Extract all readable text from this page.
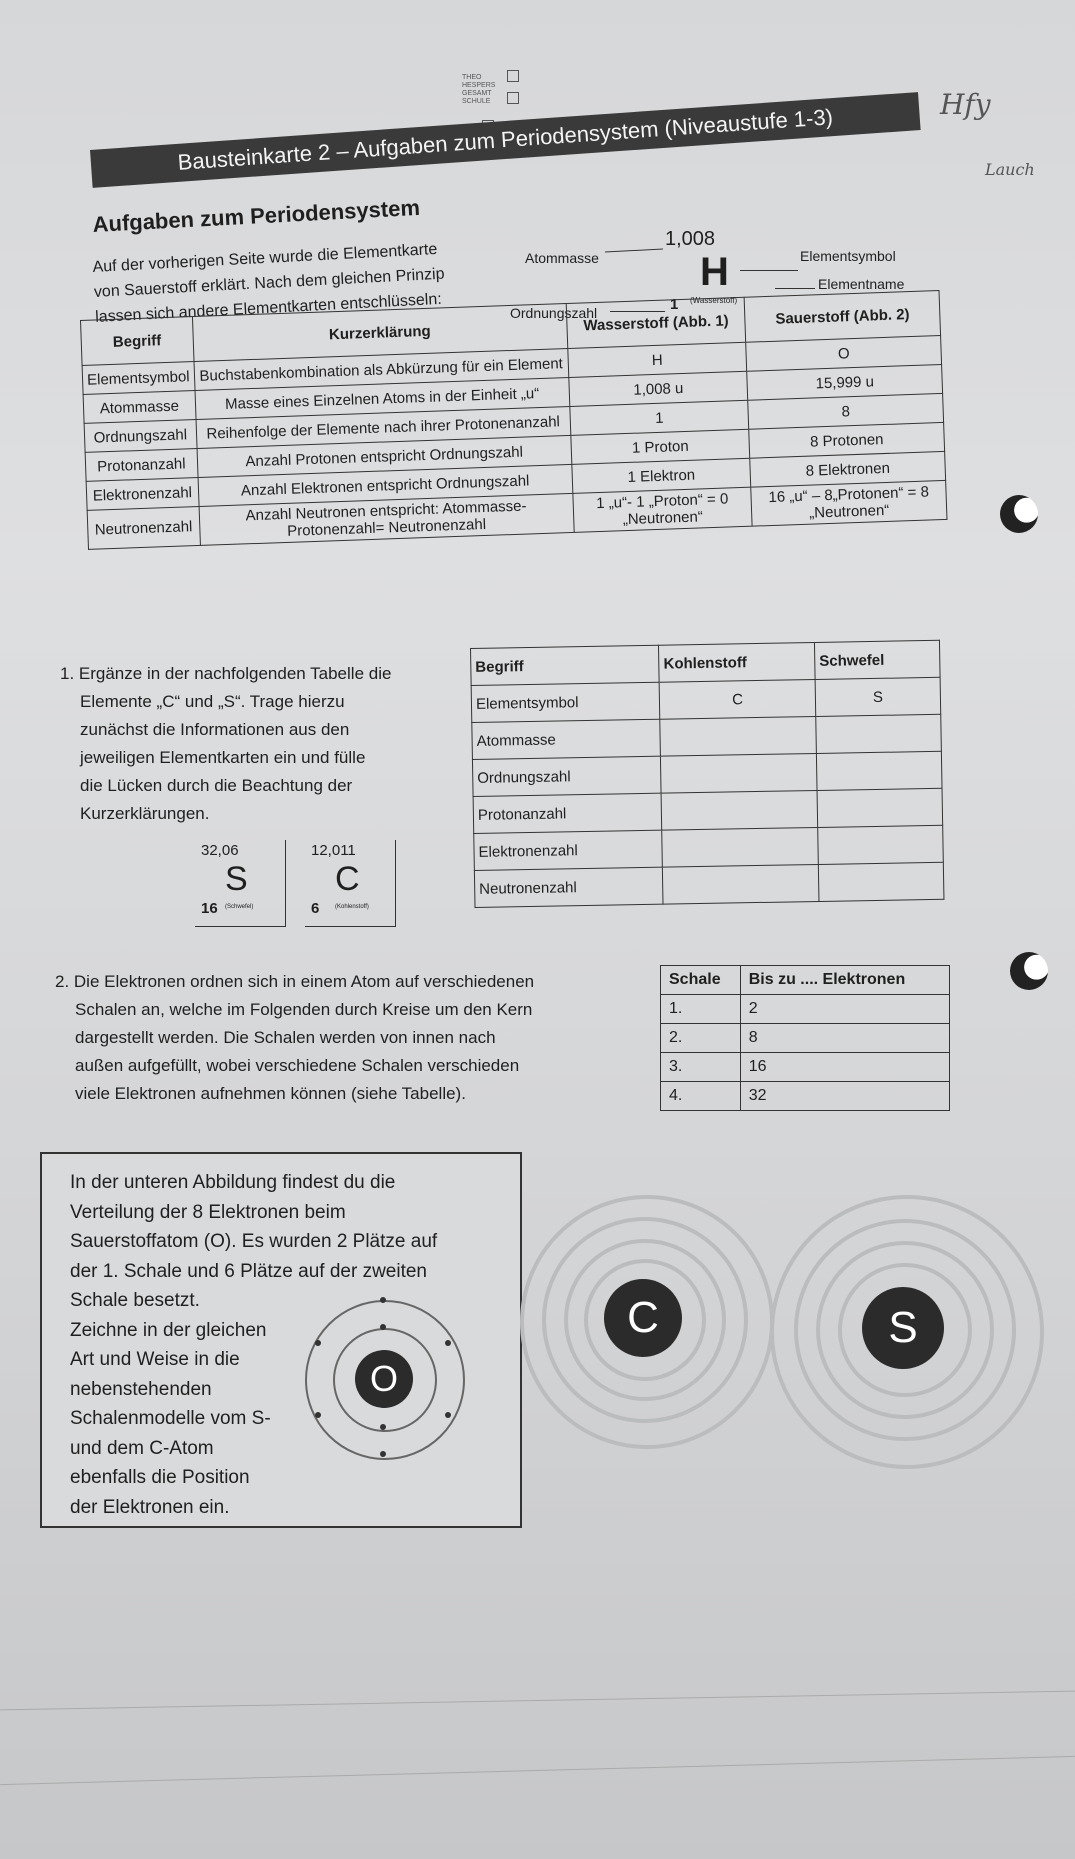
THEO
HESPERS
GESAMT
SCHULE	Hfy
Lauch
Bausteinkarte 2 – Aufgaben zum Periodensystem (Niveaustufe 1-3)
Aufgaben zum Periodensystem

Auf der vorherigen Seite wurde die Elementkarte

von Sauerstoff erklärt. Nach dem gleichen Prinzip

lassen sich andere Elementkarten entschlüsseln:

Atommasse
1,008
H
1 (Wasserstoff)
Elementsymbol
Elementname
Ordnungszahl
Begriff	Kurzerklärung	Wasserstoff (Abb. 1)	Sauerstoff (Abb. 2)
Elementsymbol	Buchstabenkombination als Abkürzung für ein Element	H	O
Atommasse	Masse eines Einzelnen Atoms in der Einheit „u“	1,008 u	15,999 u
Ordnungszahl	Reihenfolge der Elemente nach ihrer Protonenanzahl	1	8
Protonanzahl	Anzahl Protonen entspricht Ordnungszahl	1 Proton	8 Protonen
Elektronenzahl	Anzahl Elektronen entspricht Ordnungszahl	1 Elektron	8 Elektronen
Neutronenzahl	Anzahl Neutronen entspricht: Atommasse-Protonenzahl= Neutronenzahl	1 „u“- 1 „Proton“ = 0 „Neutronen“	16 „u“ – 8„Protonen“ = 8 „Neutronen“

1. Ergänze in der nachfolgenden Tabelle die

Elemente „C“ und „S“. Trage hierzu

zunächst die Informationen aus den

jeweiligen Elementkarten ein und fülle

die Lücken durch die Beachtung der

Kurzerklärungen.

32,06
S
16 (Schwefel)
12,011
C
6	(Kohlenstoff)
Begriff	Kohlenstoff	Schwefel
Elementsymbol	C	S
Atommasse		
Ordnungszahl		
Protonanzahl		
Elektronenzahl		
Neutronenzahl		

2. Die Elektronen ordnen sich in einem Atom auf verschiedenen

Schalen an, welche im Folgenden durch Kreise um den Kern

dargestellt werden. Die Schalen werden von innen nach

außen aufgefüllt, wobei verschiedene Schalen verschieden

viele Elektronen aufnehmen können (siehe Tabelle).

Schale	Bis zu .... Elektronen
1.	2
2.	8
3.	16
4.	32

In der unteren Abbildung findest du die

Verteilung der 8 Elektronen beim

Sauerstoffatom (O). Es wurden 2 Plätze auf

der 1. Schale und 6 Plätze auf der zweiten

Schale besetzt.

Zeichne in der gleichen

Art und Weise in die

nebenstehenden

Schalenmodelle vom S-

und dem C-Atom

ebenfalls die Position

der Elektronen ein.

O
C	S
